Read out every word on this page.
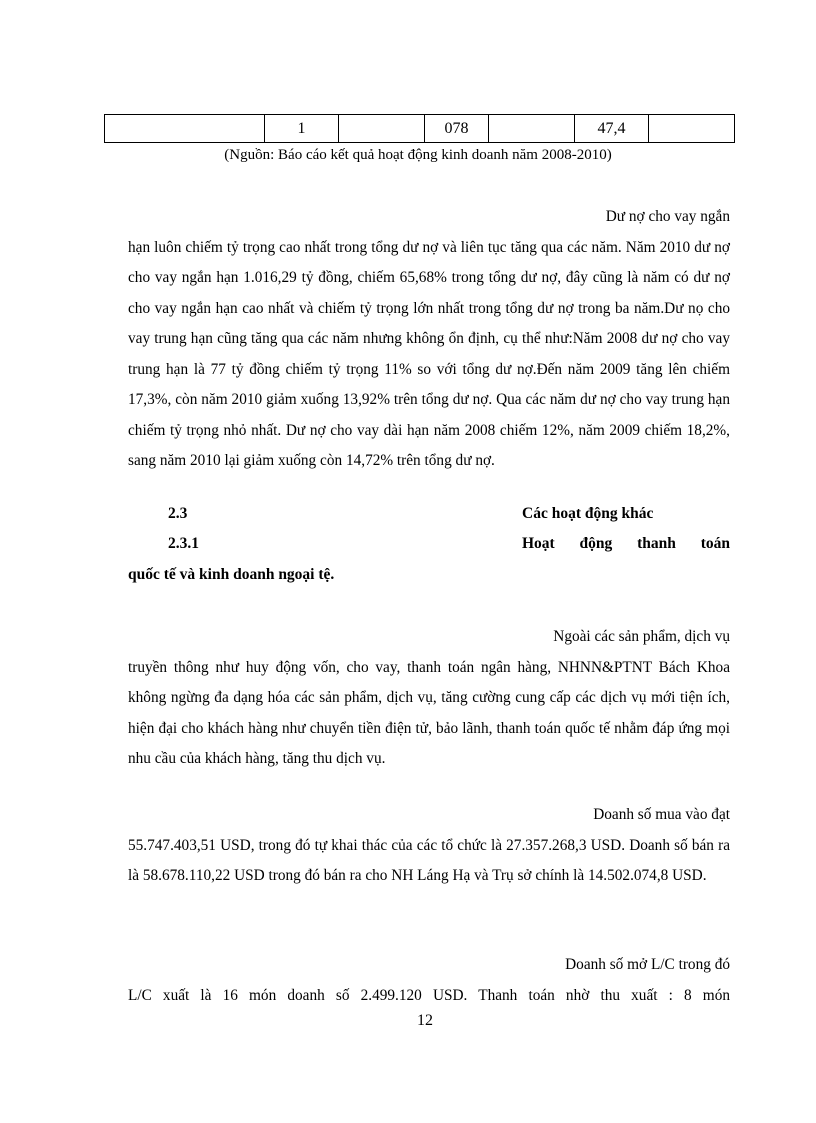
	1		078		47,4	
(Nguồn: Báo cáo kết quả hoạt động kinh doanh năm 2008-2010)
Dư nợ cho vay ngắn
hạn luôn chiếm tỷ trọng cao nhất trong tổng dư nợ và liên tục tăng qua các năm. Năm 2010 dư nợ cho vay ngắn hạn 1.016,29 tỷ đồng, chiếm 65,68% trong tổng dư nợ, đây cũng là năm có dư nợ cho vay ngắn hạn cao nhất và chiếm tỷ trọng lớn nhất trong tổng dư nợ trong ba năm.Dư nọ cho vay trung hạn cũng tăng qua các năm nhưng không ổn định, cụ thể như:Năm 2008 dư nợ cho vay trung hạn là 77 tỷ đồng chiếm tỷ trọng 11% so với tổng dư nợ.Đến năm 2009 tăng lên chiếm 17,3%, còn năm 2010 giảm xuống 13,92% trên tổng dư nợ. Qua các năm dư nợ cho vay trung hạn chiếm tỷ trọng nhỏ nhất. Dư nợ cho vay dài hạn năm 2008 chiếm 12%, năm 2009 chiếm 18,2%, sang năm 2010 lại giảm xuống còn 14,72% trên tổng dư nợ.
2.3	Các hoạt động khác
2.3.1	Hoạt động thanh toán
quốc tế và kinh doanh ngoại tệ.
Ngoài các sản phẩm, dịch vụ
truyền thông như huy động vốn, cho vay, thanh toán ngân hàng, NHNN&PTNT Bách Khoa không ngừng đa dạng hóa các sản phẩm, dịch vụ, tăng cường cung cấp các dịch vụ mới tiện ích, hiện đại cho khách hàng như chuyển tiền điện tử, bảo lãnh, thanh toán quốc tế nhằm đáp ứng mọi nhu cầu của khách hàng, tăng thu dịch vụ.
Doanh số mua vào đạt
55.747.403,51 USD, trong đó tự khai thác của các tổ chức là 27.357.268,3 USD. Doanh số bán ra là 58.678.110,22 USD trong đó bán ra cho NH Láng Hạ và Trụ sở chính là 14.502.074,8 USD.
Doanh số mở L/C trong đó
L/C xuất là 16 món doanh số 2.499.120 USD. Thanh toán nhờ thu xuất : 8 món
12
